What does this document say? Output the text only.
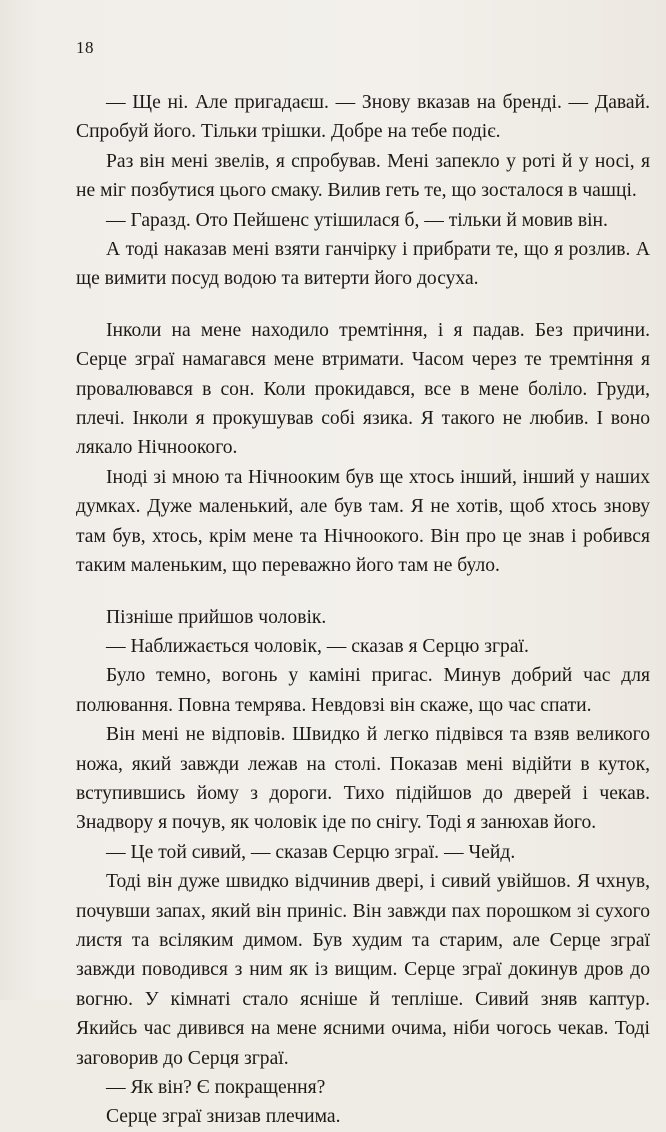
18

— Ще ні. Але пригадаєш. — Знову вказав на бренді. — Давай. Спробуй його. Тільки трішки. Добре на тебе подіє.

Раз він мені звелів, я спробував. Мені запекло у роті й у носі, я не міг позбутися цього смаку. Вилив геть те, що зосталося в чашці.

— Гаразд. Ото Пейшенс утішилася б, — тільки й мовив він.

А тоді наказав мені взяти ганчірку і прибрати те, що я розлив. А ще вимити посуд водою та витерти його досуха.

Інколи на мене находило тремтіння, і я падав. Без причини. Серце зграї намагався мене втримати. Часом через те тремтіння я провалювався в сон. Коли прокидався, все в мене боліло. Груди, плечі. Інколи я прокушував собі язика. Я такого не любив. І воно лякало Нічноокого.

Іноді зі мною та Нічнооким був ще хтось інший, інший у наших думках. Дуже маленький, але був там. Я не хотів, щоб хтось знову там був, хтось, крім мене та Нічноокого. Він про це знав і робився таким маленьким, що переважно його там не було.

Пізніше прийшов чоловік.

— Наближається чоловік, — сказав я Серцю зграї.

Було темно, вогонь у каміні пригас. Минув добрий час для полювання. Повна темрява. Невдовзі він скаже, що час спати.

Він мені не відповів. Швидко й легко підвівся та взяв великого ножа, який завжди лежав на столі. Показав мені відійти в куток, вступившись йому з дороги. Тихо підійшов до дверей і чекав. Знадвору я почув, як чоловік іде по снігу. Тоді я занюхав його.

— Це той сивий, — сказав Серцю зграї. — Чейд.

Тоді він дуже швидко відчинив двері, і сивий увійшов. Я чхнув, почувши запах, який він приніс. Він завжди пах порошком зі сухого листя та всіляким димом. Був худим та старим, але Серце зграї завжди поводився з ним як із вищим. Серце зграї докинув дров до вогню. У кімнаті стало ясніше й тепліше. Сивий зняв каптур. Якийсь час дивився на мене ясними очима, ніби чогось чекав. Тоді заговорив до Серця зграї.

— Як він? Є покращення?

Серце зграї знизав плечима.
